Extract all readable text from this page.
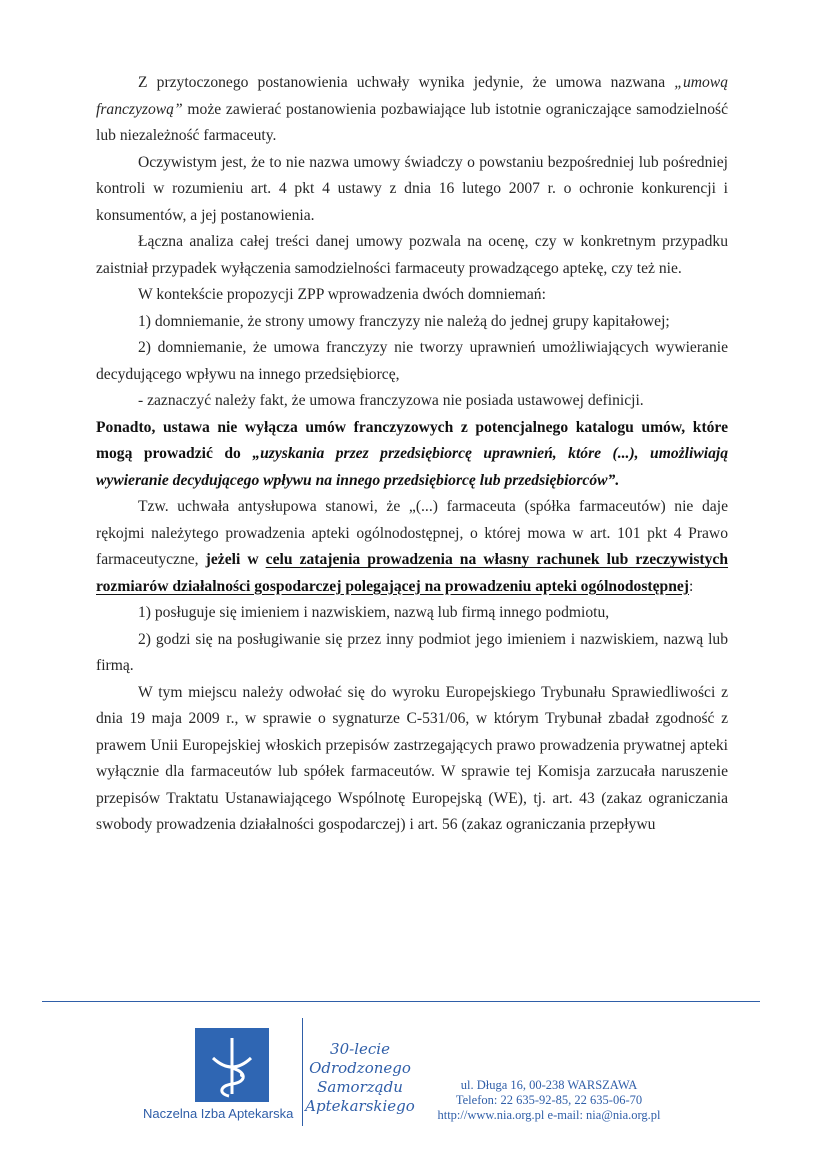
Z przytoczonego postanowienia uchwały wynika jedynie, że umowa nazwana „umową franczyzową” może zawierać postanowienia pozbawiające lub istotnie ograniczające samodzielność lub niezależność farmaceuty.

Oczywistym jest, że to nie nazwa umowy świadczy o powstaniu bezpośredniej lub pośredniej kontroli w rozumieniu art. 4 pkt 4 ustawy z dnia 16 lutego 2007 r. o ochronie konkurencji i konsumentów, a jej postanowienia.

Łączna analiza całej treści danej umowy pozwala na ocenę, czy w konkretnym przypadku zaistniał przypadek wyłączenia samodzielności farmaceuty prowadzącego aptekę, czy też nie.

W kontekście propozycji ZPP wprowadzenia dwóch domniemań:

1) domniemanie, że strony umowy franczyzy nie należą do jednej grupy kapitałowej;

2) domniemanie, że umowa franczyzy nie tworzy uprawnień umożliwiających wywieranie decydującego wpływu na innego przedsiębiorcę,

- zaznaczyć należy fakt, że umowa franczyzowa nie posiada ustawowej definicji.

Ponadto, ustawa nie wyłącza umów franczyzowych z potencjalnego katalogu umów, które mogą prowadzić do „uzyskania przez przedsiębiorcę uprawnień, które (...), umożliwiają wywieranie decydującego wpływu na innego przedsiębiorcę lub przedsiębiorców”.

Tzw. uchwała antysłupowa stanowi, że „(...) farmaceuta (spółka farmaceutów) nie daje rękojmi należytego prowadzenia apteki ogólnodostępnej, o której mowa w art. 101 pkt 4 Prawo farmaceutyczne, jeżeli w celu zatajenia prowadzenia na własny rachunek lub rzeczywistych rozmiarów działalności gospodarczej polegającej na prowadzeniu apteki ogólnodostępnej:

1) posługuje się imieniem i nazwiskiem, nazwą lub firmą innego podmiotu,

2) godzi się na posługiwanie się przez inny podmiot jego imieniem i nazwiskiem, nazwą lub firmą.

W tym miejscu należy odwołać się do wyroku Europejskiego Trybunału Sprawiedliwości z dnia 19 maja 2009 r., w sprawie o sygnaturze C-531/06, w którym Trybunał zbadał zgodność z prawem Unii Europejskiej włoskich przepisów zastrzegających prawo prowadzenia prywatnej apteki wyłącznie dla farmaceutów lub spółek farmaceutów. W sprawie tej Komisja zarzucała naruszenie przepisów Traktatu Ustanawiającego Wspólnotę Europejską (WE), tj. art. 43 (zakaz ograniczania swobody prowadzenia działalności gospodarczej) i art. 56 (zakaz ograniczania przepływu

Naczelna Izba Aptekarska
30-lecie
Odrodzonego
Samorządu
Aptekarskiego
ul. Długa 16, 00-238 WARSZAWA
Telefon: 22 635-92-85, 22 635-06-70
http://www.nia.org.pl e-mail: nia@nia.org.pl
